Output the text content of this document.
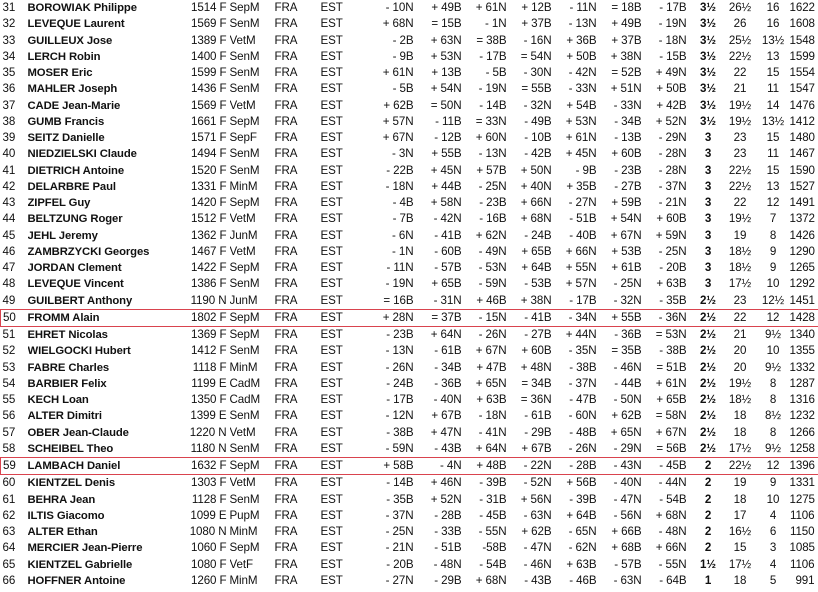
31	BOROWIAK Philippe	1514 F	SepM	FRA	EST	- 10N	+ 49B	+ 61N	+ 12B	- 11N	= 18B	- 17B	3½	26½	16	1622
32	LEVEQUE Laurent	1569 F	SenM	FRA	EST	+ 68N	= 15B	- 1N	+ 37B	- 13N	+ 49B	- 19N	3½	26	16	1608
33	GUILLEUX Jose	1389 F	VetM	FRA	EST	- 2B	+ 63N	= 38B	- 16N	+ 36B	+ 37B	- 18N	3½	25½	13½	1548
34	LERCH Robin	1400 F	SenM	FRA	EST	- 9B	+ 53N	- 17B	= 54N	+ 50B	+ 38N	- 15B	3½	22½	13	1599
35	MOSER Eric	1599 F	SenM	FRA	EST	+ 61N	+ 13B	- 5B	- 30N	- 42N	= 52B	+ 49N	3½	22	15	1554
36	MAHLER Joseph	1436 F	SenM	FRA	EST	- 5B	+ 54N	- 19N	= 55B	- 33N	+ 51N	+ 50B	3½	21	11	1547
37	CADE Jean-Marie	1569 F	VetM	FRA	EST	+ 62B	= 50N	- 14B	- 32N	+ 54B	- 33N	+ 42B	3½	19½	14	1476
38	GUMB Francis	1661 F	SepM	FRA	EST	+ 57N	- 11B	= 33N	- 49B	+ 53N	- 34B	+ 52N	3½	19½	13½	1412
39	SEITZ Danielle	1571 F	SepF	FRA	EST	+ 67N	- 12B	+ 60N	- 10B	+ 61N	- 13B	- 29N	3	23	15	1480
40	NIEDZIELSKI Claude	1494 F	SenM	FRA	EST	- 3N	+ 55B	- 13N	- 42B	+ 45N	+ 60B	- 28N	3	23	11	1467
41	DIETRICH Antoine	1520 F	SenM	FRA	EST	- 22B	+ 45N	+ 57B	+ 50N	- 9B	- 23B	- 28N	3	22½	15	1590
42	DELARBRE Paul	1331 F	MinM	FRA	EST	- 18N	+ 44B	- 25N	+ 40N	+ 35B	- 27B	- 37N	3	22½	13	1527
43	ZIPFEL Guy	1420 F	SepM	FRA	EST	- 4B	+ 58N	- 23B	+ 66N	- 27N	+ 59B	- 21N	3	22	12	1491
44	BELTZUNG Roger	1512 F	VetM	FRA	EST	- 7B	- 42N	- 16B	+ 68N	- 51B	+ 54N	+ 60B	3	19½	7	1372
45	JEHL Jeremy	1362 F	JunM	FRA	EST	- 6N	- 41B	+ 62N	- 24B	- 40B	+ 67N	+ 59N	3	19	8	1426
46	ZAMBRZYCKI Georges	1467 F	VetM	FRA	EST	- 1N	- 60B	- 49N	+ 65B	+ 66N	+ 53B	- 25N	3	18½	9	1290
47	JORDAN Clement	1422 F	SepM	FRA	EST	- 11N	- 57B	- 53N	+ 64B	+ 55N	+ 61B	- 20B	3	18½	9	1265
48	LEVEQUE Vincent	1386 F	SenM	FRA	EST	- 19N	+ 65B	- 59N	- 53B	+ 57N	- 25N	+ 63B	3	17½	10	1292
49	GUILBERT Anthony	1190 N	JunM	FRA	EST	= 16B	- 31N	+ 46B	+ 38N	- 17B	- 32N	- 35B	2½	23	12½	1451
50	FROMM Alain	1802 F	SepM	FRA	EST	+ 28N	= 37B	- 15N	- 41B	- 34N	+ 55B	- 36N	2½	22	12	1428
51	EHRET Nicolas	1369 F	SepM	FRA	EST	- 23B	+ 64N	- 26N	- 27B	+ 44N	- 36B	= 53N	2½	21	9½	1340
52	WIELGOCKI Hubert	1412 F	SenM	FRA	EST	- 13N	- 61B	+ 67N	+ 60B	- 35N	= 35B	- 38B	2½	20	10	1355
53	FABRE Charles	1118 F	MinM	FRA	EST	- 26N	- 34B	+ 47B	+ 48N	- 38B	- 46N	= 51B	2½	20	9½	1332
54	BARBIER Felix	1199 E	CadM	FRA	EST	- 24B	- 36B	+ 65N	= 34B	- 37N	- 44B	+ 61N	2½	19½	8	1287
55	KECH Loan	1350 F	CadM	FRA	EST	- 17B	- 40N	+ 63B	= 36N	- 47B	- 50N	+ 65B	2½	18½	8	1316
56	ALTER Dimitri	1399 E	SenM	FRA	EST	- 12N	+ 67B	- 18N	- 61B	- 60N	+ 62B	= 58N	2½	18	8½	1232
57	OBER Jean-Claude	1220 N	VetM	FRA	EST	- 38B	+ 47N	- 41N	- 29B	- 48B	+ 65N	+ 67N	2½	18	8	1266
58	SCHEIBEL Theo	1180 N	SenM	FRA	EST	- 59N	- 43B	+ 64N	+ 67B	- 26N	- 29N	= 56B	2½	17½	9½	1258
59	LAMBACH Daniel	1632 F	SepM	FRA	EST	+ 58B	- 4N	+ 48B	- 22N	- 28B	- 43N	- 45B	2	22½	12	1396
60	KIENTZEL Denis	1303 F	VetM	FRA	EST	- 14B	+ 46N	- 39B	- 52N	+ 56B	- 40N	- 44N	2	19	9	1331
61	BEHRA Jean	1128 F	SenM	FRA	EST	- 35B	+ 52N	- 31B	+ 56N	- 39B	- 47N	- 54B	2	18	10	1275
62	ILTIS Giacomo	1099 E	PupM	FRA	EST	- 37N	- 28B	- 45B	- 63N	+ 64B	- 56N	+ 68N	2	17	4	1106
63	ALTER Ethan	1080 N	MinM	FRA	EST	- 25N	- 33B	- 55N	+ 62B	- 65N	+ 66B	- 48N	2	16½	6	1150
64	MERCIER Jean-Pierre	1060 F	SepM	FRA	EST	- 21N	- 51B	-58B	- 47N	- 62N	+ 68B	+ 66N	2	15	3	1085
65	KIENTZEL Gabrielle	1080 F	VetF	FRA	EST	- 20B	- 48N	- 54B	- 46N	+ 63B	- 57B	- 55N	1½	17½	4	1106
66	HOFFNER Antoine	1260 F	MinM	FRA	EST	- 27N	- 29B	+ 68N	- 43B	- 46B	- 63N	- 64B	1	18	5	991
